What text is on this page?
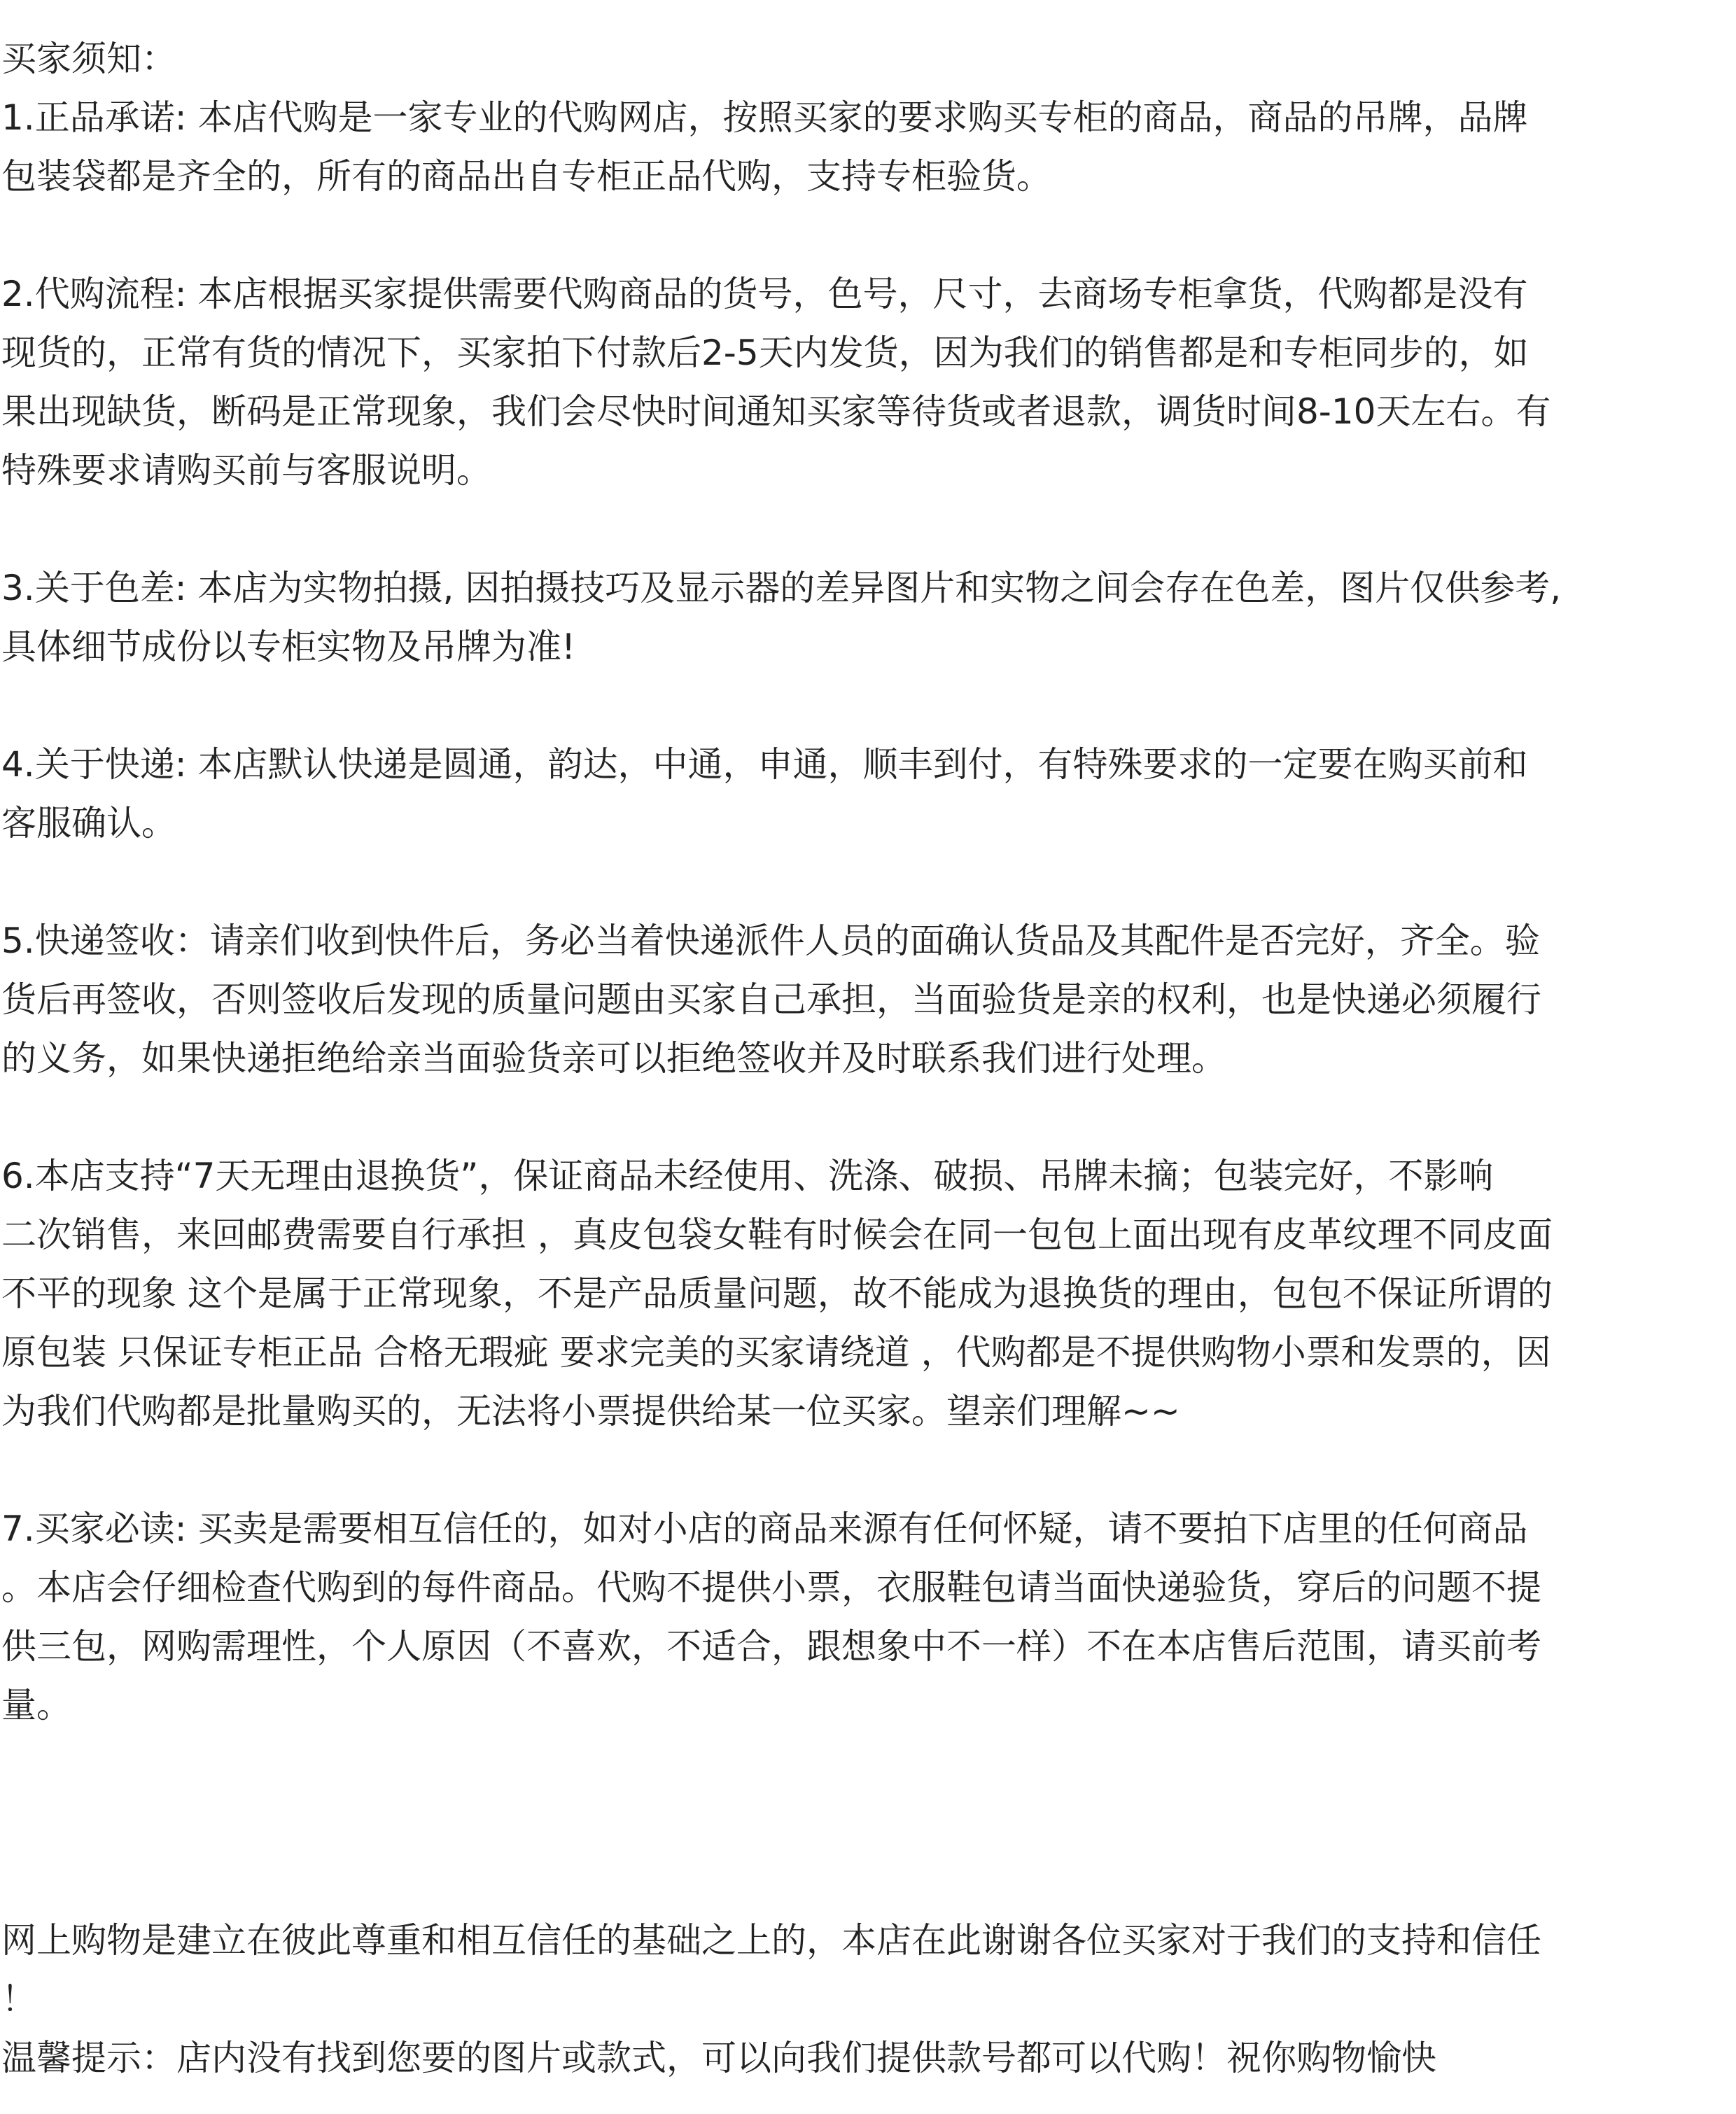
买家须知：
1.正品承诺: 本店代购是一家专业的代购网店，按照买家的要求购买专柜的商品，商品的吊牌，品牌
包装袋都是齐全的，所有的商品出自专柜正品代购，支持专柜验货。
2.代购流程: 本店根据买家提供需要代购商品的货号，色号，尺寸，去商场专柜拿货，代购都是没有
现货的，正常有货的情况下，买家拍下付款后2-5天内发货，因为我们的销售都是和专柜同步的，如
果出现缺货，断码是正常现象，我们会尽快时间通知买家等待货或者退款，调货时间8-10天左右。有
特殊要求请购买前与客服说明。
3.关于色差: 本店为实物拍摄, 因拍摄技巧及显示器的差异图片和实物之间会存在色差，图片仅供参考,
具体细节成份以专柜实物及吊牌为准!
4.关于快递: 本店默认快递是圆通，韵达，中通，申通，顺丰到付，有特殊要求的一定要在购买前和
客服确认。
5.快递签收：请亲们收到快件后，务必当着快递派件人员的面确认货品及其配件是否完好，齐全。验
货后再签收，否则签收后发现的质量问题由买家自己承担，当面验货是亲的权利，也是快递必须履行
的义务，如果快递拒绝给亲当面验货亲可以拒绝签收并及时联系我们进行处理。
6.本店支持“7天无理由退换货”，保证商品未经使用、洗涤、破损、吊牌未摘；包装完好，不影响
二次销售，来回邮费需要自行承担 ，真皮包袋女鞋有时候会在同一包包上面出现有皮革纹理不同皮面
不平的现象 这个是属于正常现象，不是产品质量问题，故不能成为退换货的理由，包包不保证所谓的
原包装 只保证专柜正品 合格无瑕疵 要求完美的买家请绕道 ，代购都是不提供购物小票和发票的，因
为我们代购都是批量购买的，无法将小票提供给某一位买家。望亲们理解~~
7.买家必读: 买卖是需要相互信任的，如对小店的商品来源有任何怀疑，请不要拍下店里的任何商品
。本店会仔细检查代购到的每件商品。代购不提供小票，衣服鞋包请当面快递验货，穿后的问题不提
供三包，网购需理性，个人原因（不喜欢，不适合，跟想象中不一样）不在本店售后范围，请买前考
量。
网上购物是建立在彼此尊重和相互信任的基础之上的，本店在此谢谢各位买家对于我们的支持和信任
！
温馨提示：店内没有找到您要的图片或款式，可以向我们提供款号都可以代购！祝你购物愉快
